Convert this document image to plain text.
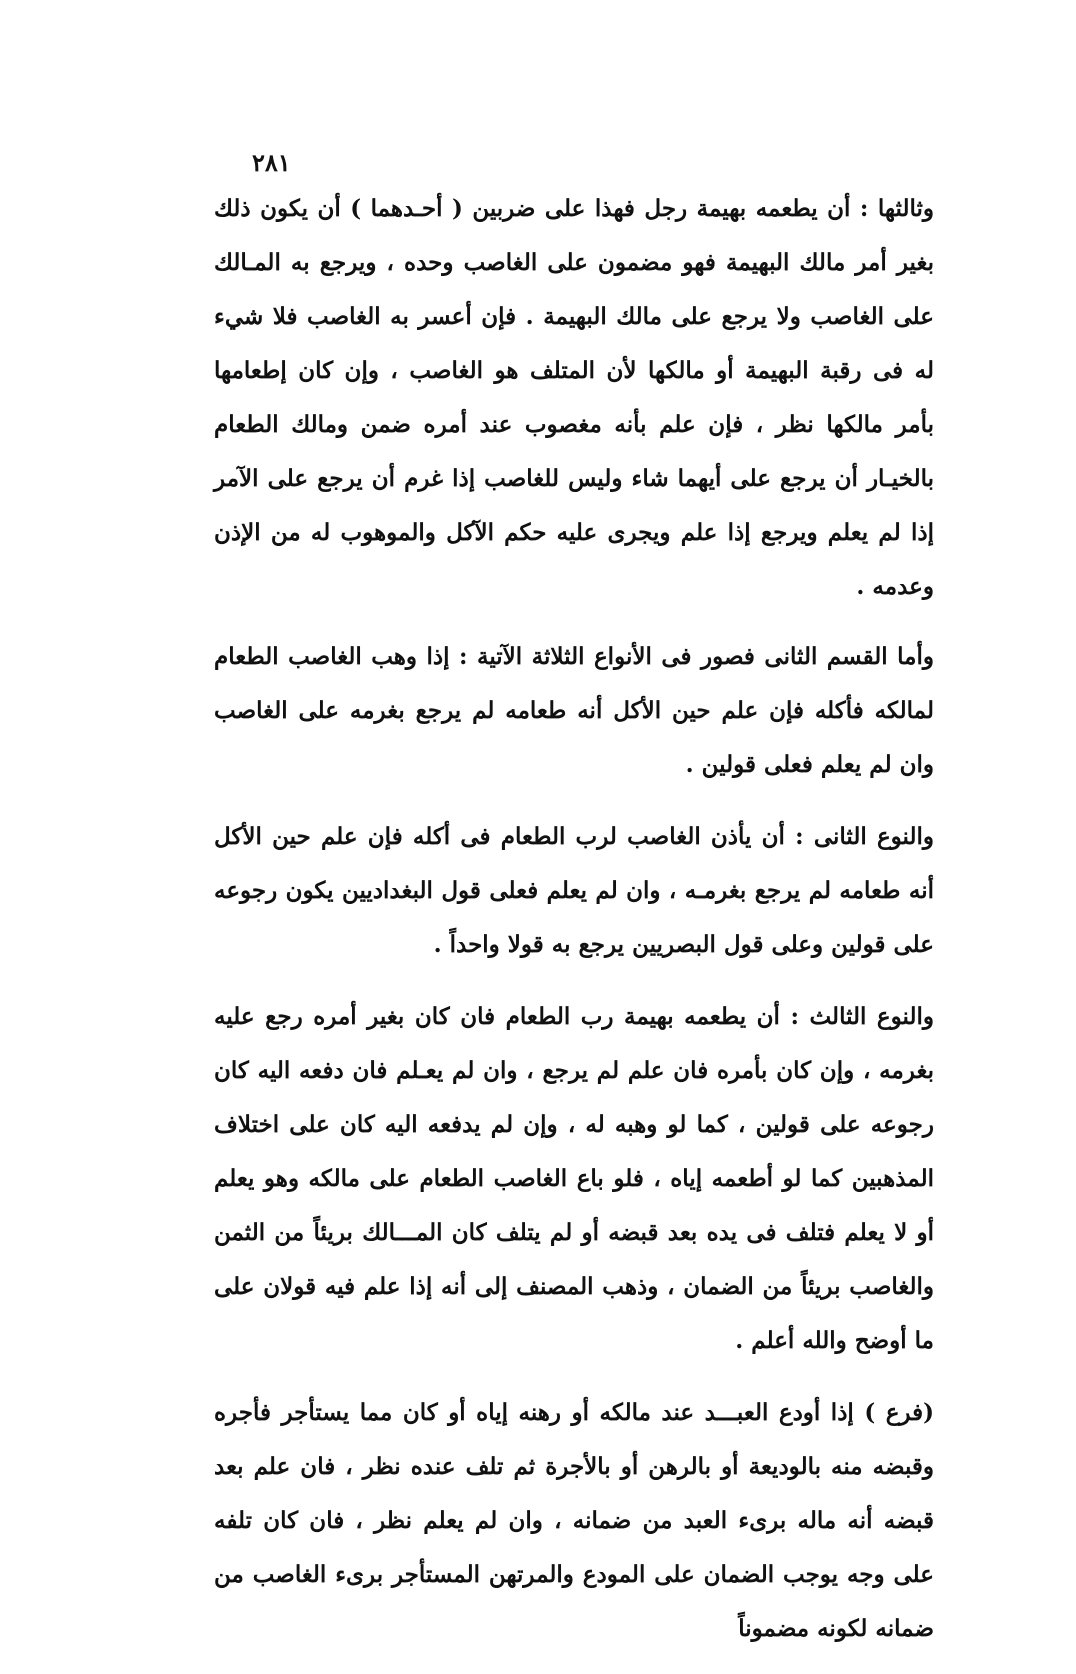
٢٨١

وثالثها : أن يطعمه بهيمة رجل فهذا على ضربين ( أحـدهما ) أن يكون ذلك بغير أمر مالك البهيمة فهو مضمون على الغاصب وحده ، ويرجع به المـالك على الغاصب ولا يرجع على مالك البهيمة . فإن أعسر به الغاصب فلا شيء له فى رقبة البهيمة أو مالكها لأن المتلف هو الغاصب ، وإن كان إطعامها بأمر مالكها نظر ، فإن علم بأنه مغصوب عند أمره ضمن ومالك الطعام بالخيـار أن يرجع على أيهما شاء وليس للغاصب إذا غرم أن يرجع على الآمر إذا لم يعلم ويرجع إذا علم ويجرى عليه حكم الآكل والموهوب له من الإذن وعدمه .

وأما القسم الثانى فصور فى الأنواع الثلاثة الآتية : إذا وهب الغاصب الطعام لمالكه فأكله فإن علم حين الأكل أنه طعامه لم يرجع بغرمه على الغاصب وان لم يعلم فعلى قولين .

والنوع الثانى : أن يأذن الغاصب لرب الطعام فى أكله فإن علم حين الأكل أنه طعامه لم يرجع بغرمـه ، وان لم يعلم فعلى قول البغداديين يكون رجوعه على قولين وعلى قول البصريين يرجع به قولا واحداً .

والنوع الثالث : أن يطعمه بهيمة رب الطعام فان كان بغير أمره رجع عليه بغرمه ، وإن كان بأمره فان علم لم يرجع ، وان لم يعـلم فان دفعه اليه كان رجوعه على قولين ، كما لو وهبه له ، وإن لم يدفعه اليه كان على اختلاف المذهبين كما لو أطعمه إياه ، فلو باع الغاصب الطعام على مالكه وهو يعلم أو لا يعلم فتلف فى يده بعد قبضه أو لم يتلف كان المـــالك بريئاً من الثمن والغاصب بريئاً من الضمان ، وذهب المصنف إلى أنه إذا علم فيه قولان على ما أوضح والله أعلم .

(فرع ) إذا أودع العبـــد عند مالكه أو رهنه إياه أو كان مما يستأجر فأجره وقبضه منه بالوديعة أو بالرهن أو بالأجرة ثم تلف عنده نظر ، فان علم بعد قبضه أنه ماله برىء العبد من ضمانه ، وان لم يعلم نظر ، فان كان تلفه على وجه يوجب الضمان على المودع والمرتهن المستأجر برىء الغاصب من ضمانه لكونه مضموناً
